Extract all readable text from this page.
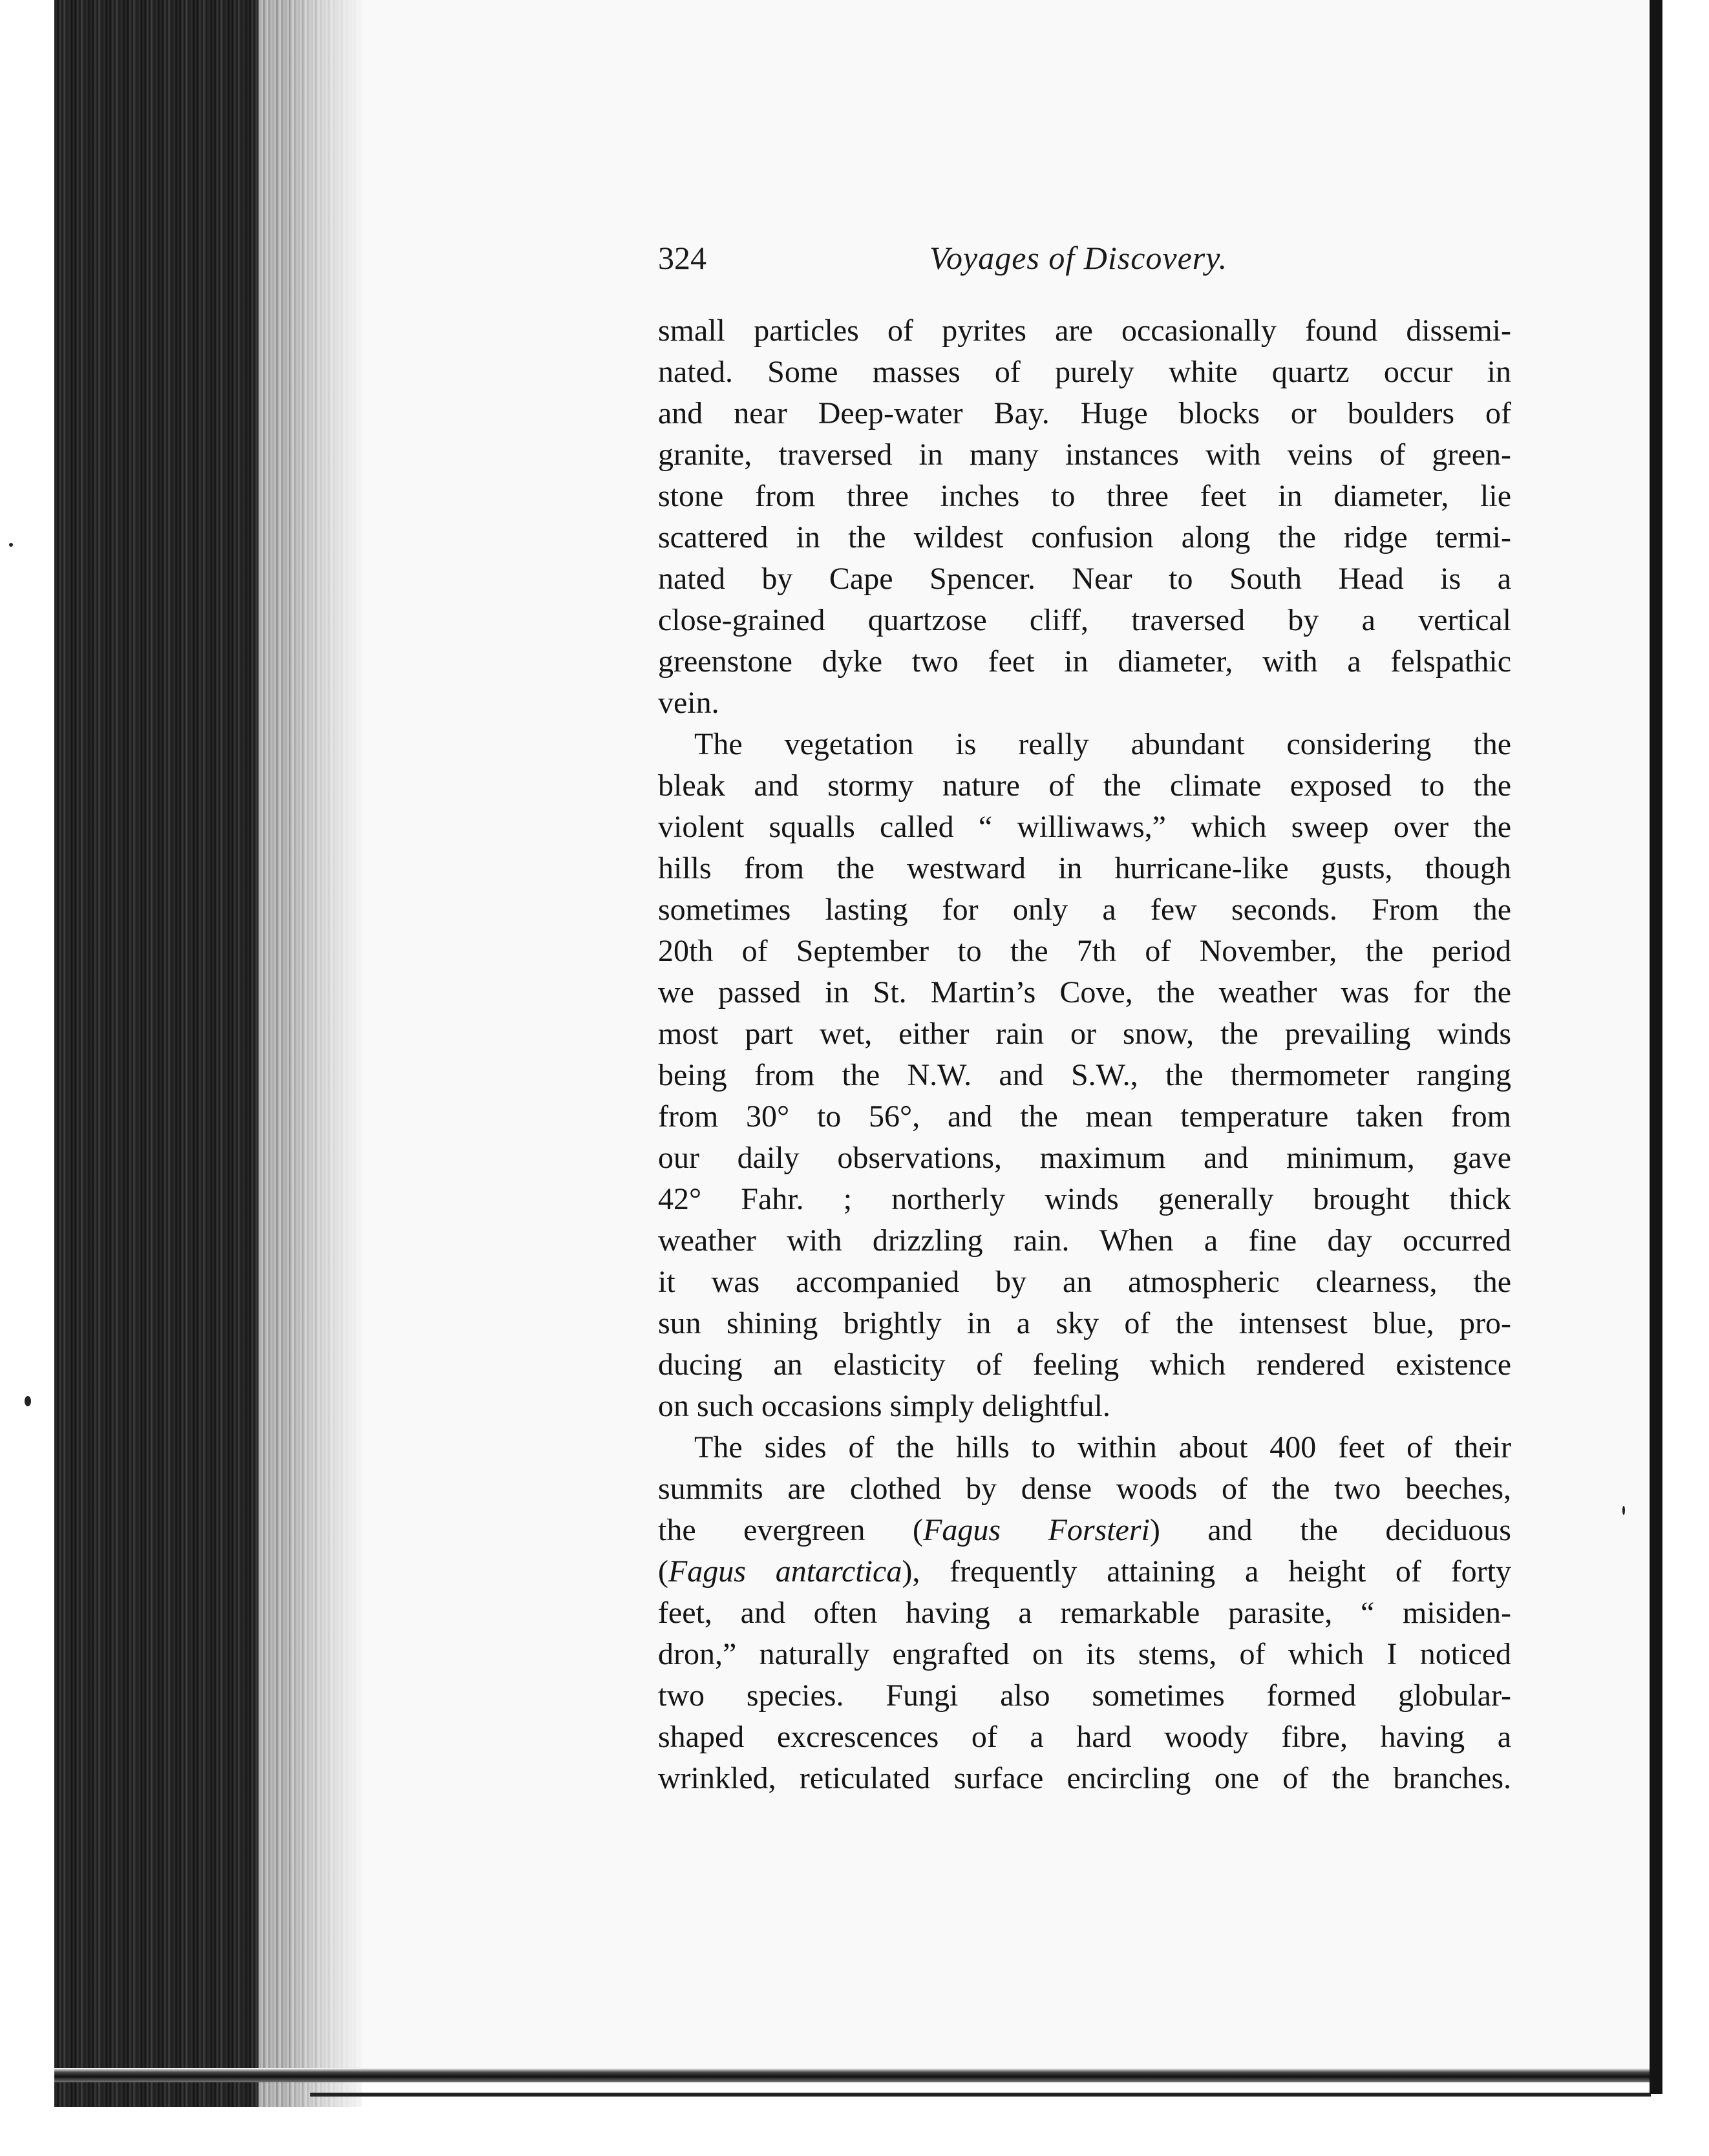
324	Voyages of Discovery.
small particles of pyrites are occasionally found dissemi-
nated. Some masses of purely white quartz occur in
and near Deep-water Bay. Huge blocks or boulders of
granite, traversed in many instances with veins of green-
stone from three inches to three feet in diameter, lie
scattered in the wildest confusion along the ridge termi-
nated by Cape Spencer. Near to South Head is a
close-grained quartzose cliff, traversed by a vertical
greenstone dyke two feet in diameter, with a felspathic
vein.
The vegetation is really abundant considering the
bleak and stormy nature of the climate exposed to the
violent squalls called “ williwaws,” which sweep over the
hills from the westward in hurricane-like gusts, though
sometimes lasting for only a few seconds. From the
20th of September to the 7th of November, the period
we passed in St. Martin’s Cove, the weather was for the
most part wet, either rain or snow, the prevailing winds
being from the N.W. and S.W., the thermometer ranging
from 30° to 56°, and the mean temperature taken from
our daily observations, maximum and minimum, gave
42° Fahr. ; northerly winds generally brought thick
weather with drizzling rain. When a fine day occurred
it was accompanied by an atmospheric clearness, the
sun shining brightly in a sky of the intensest blue, pro-
ducing an elasticity of feeling which rendered existence
on such occasions simply delightful.
The sides of the hills to within about 400 feet of their
summits are clothed by dense woods of the two beeches,
the evergreen (Fagus Forsteri) and the deciduous
(Fagus antarctica), frequently attaining a height of forty
feet, and often having a remarkable parasite, “ misiden-
dron,” naturally engrafted on its stems, of which I noticed
two species. Fungi also sometimes formed globular-
shaped excrescences of a hard woody fibre, having a
wrinkled, reticulated surface encircling one of the branches.
